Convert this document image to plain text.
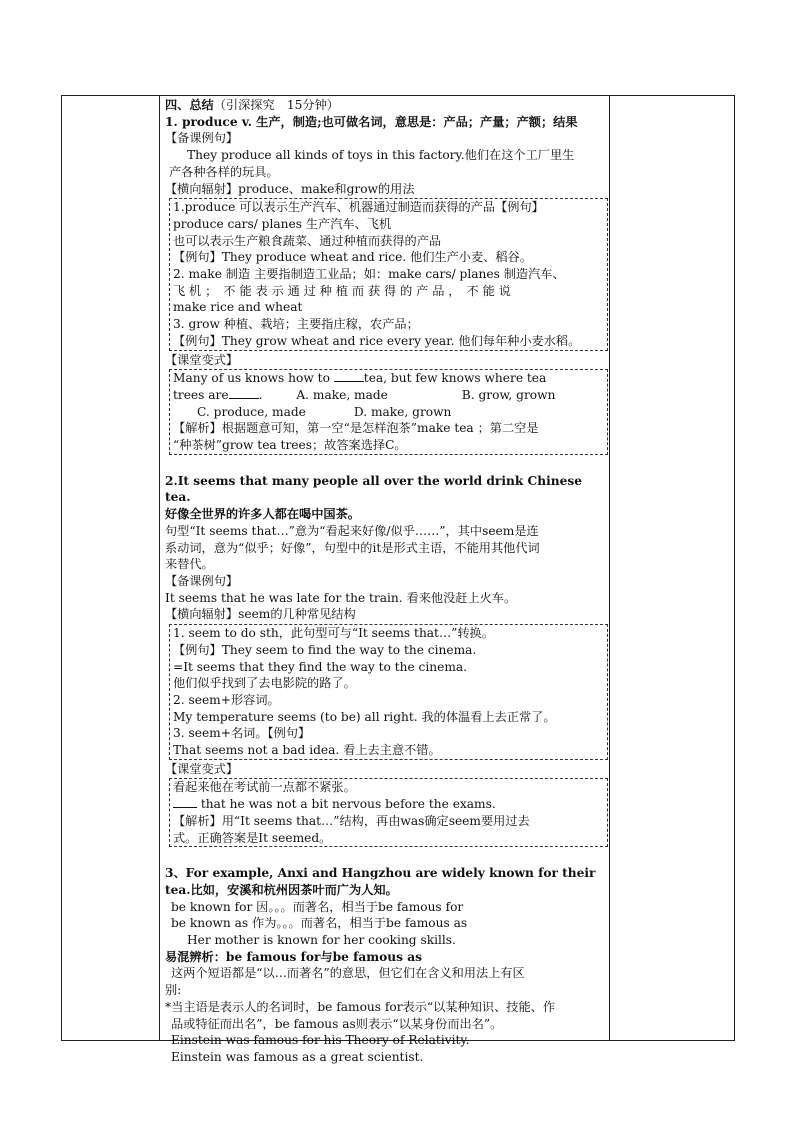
四、总结（引深探究　15分钟）

1. produce v. 生产，制造;也可做名词，意思是：产品；产量；产额；结果

【备课例句】

They produce all kinds of toys in this factory.他们在这个工厂里生

产各种各样的玩具。

【横向辐射】produce、make和grow的用法

1.produce 可以表示生产汽车、机器通过制造而获得的产品【例句】

produce cars/ planes 生产汽车、飞机

也可以表示生产粮食蔬菜、通过种植而获得的产品

【例句】They produce wheat and rice. 他们生产小麦、稻谷。

2. make 制造 主要指制造工业品；如：make cars/ planes 制造汽车、

飞 机 ；　不 能 表 示 通 过 种 植 而 获 得 的 产 品 ，　不 能 说

make rice and wheat

3. grow 种植、栽培；主要指庄稼，农产品；

【例句】They grow wheat and rice every year. 他们每年种小麦水稻。

【课堂变式】

Many of us knows how to tea, but few knows where tea

trees are .	A. make, made	B. grow, grown

C. produce, made	D. make, grown

【解析】根据题意可知，第一空“是怎样泡茶”make tea ；第二空是

“种茶树”grow tea trees；故答案选择C。

2.It seems that many people all over the world drink Chinese tea.

好像全世界的许多人都在喝中国茶。

句型“It seems that…”意为“看起来好像/似乎……”，其中seem是连

系动词，意为“似乎；好像”，句型中的it是形式主语，不能用其他代词

来替代。

【备课例句】

It seems that he was late for the train. 看来他没赶上火车。

【横向辐射】seem的几种常见结构

1. seem to do sth，此句型可与“It seems that…”转换。

【例句】They seem to find the way to the cinema.

=It seems that they find the way to the cinema.

他们似乎找到了去电影院的路了。

2. seem+形容词。

My temperature seems (to be) all right. 我的体温看上去正常了。

3. seem+名词。【例句】

That seems not a bad idea. 看上去主意不错。

【课堂变式】

看起来他在考试前一点都不紧张。

that he was not a bit nervous before the exams.

【解析】用“It seems that…”结构，再由was确定seem要用过去

式。正确答案是It seemed。

3、For example, Anxi and Hangzhou are widely known for their

tea.比如，安溪和杭州因茶叶而广为人知。

be known for 因。。。而著名，相当于be famous for

be known as 作为。。。而著名，相当于be famous as

Her mother is known for her cooking skills.

易混辨析：be famous for与be famous as

这两个短语都是“以…而著名”的意思，但它们在含义和用法上有区

别:

*当主语是表示人的名词时，be famous for表示“以某种知识、技能、作

品或特征而出名”，be famous as则表示“以某身份而出名”。

Einstein was famous for his Theory of Relativity.

Einstein was famous as a great scientist.
